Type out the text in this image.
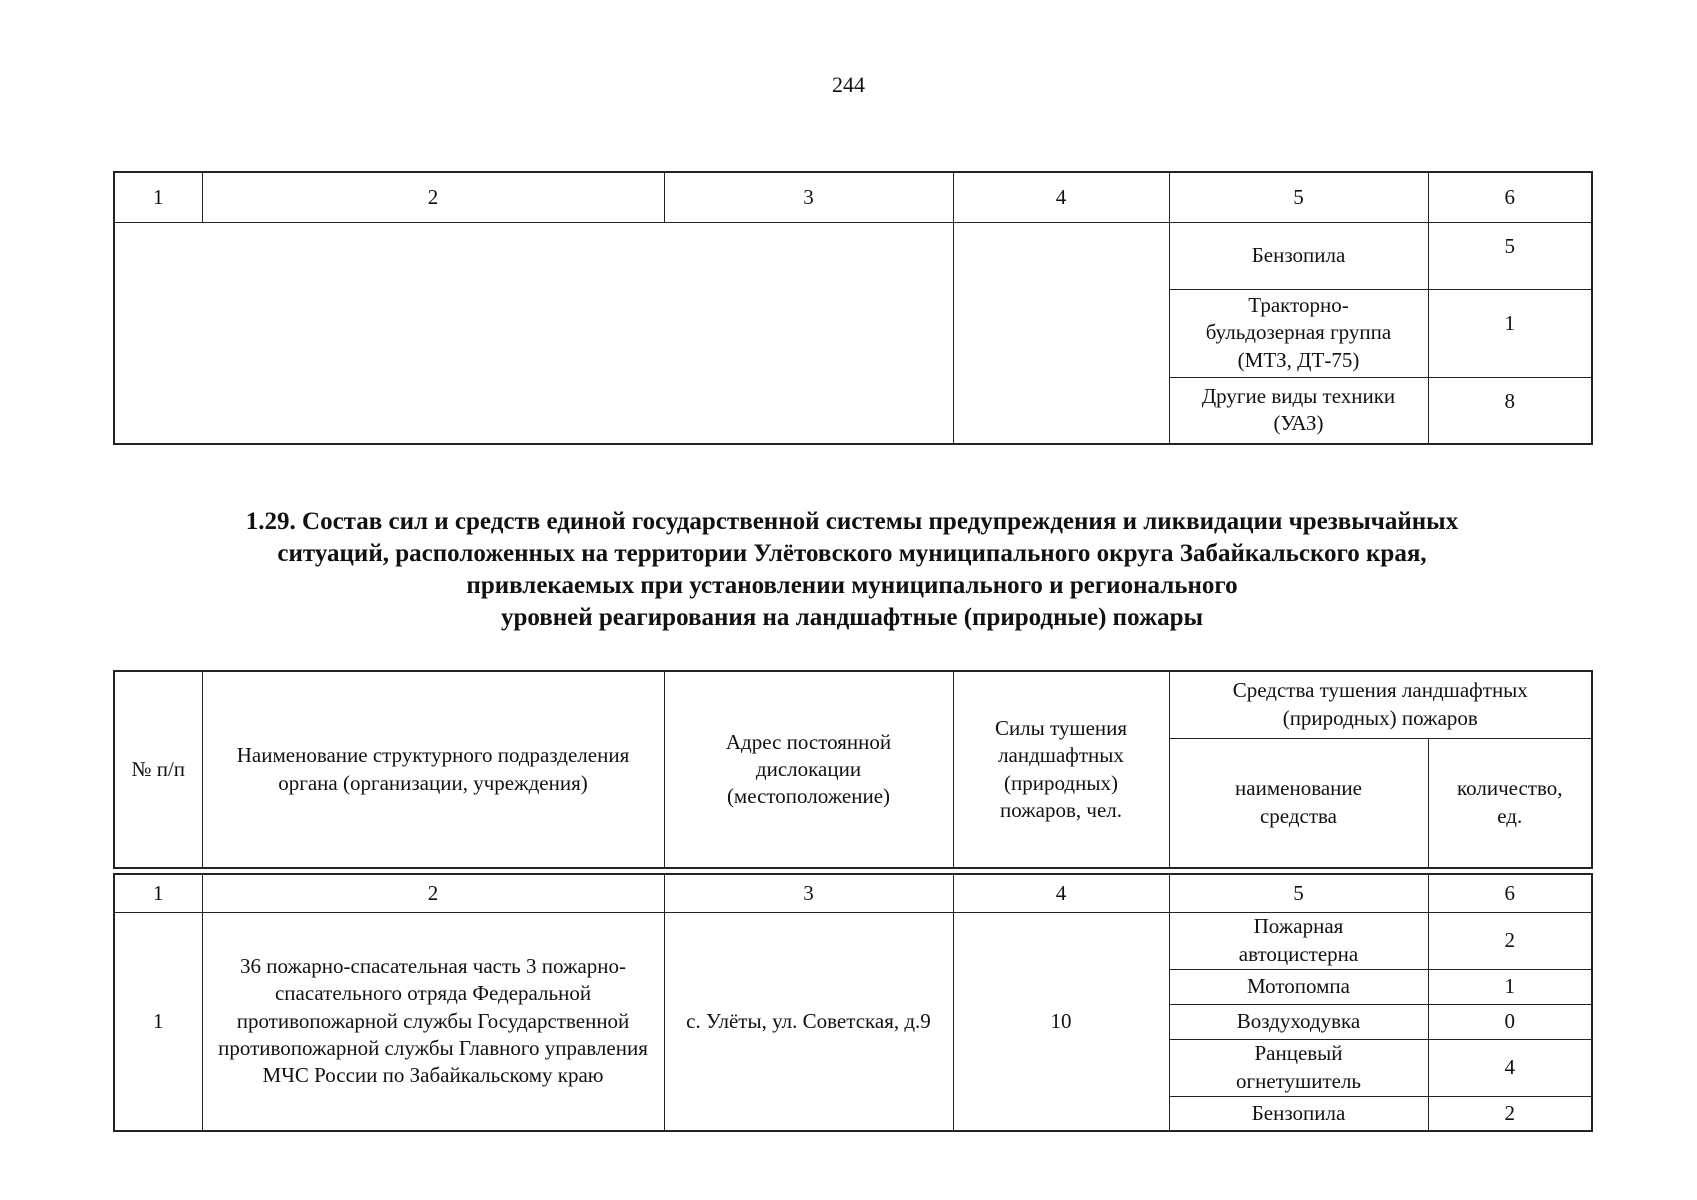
244
1	2	3	4	5	6
				Бензопила	5

				Тракторно-
бульдозерная группа
(МТЗ, ДТ-75)	1

				Другие виды техники
(УАЗ)	8
1.29. Состав сил и средств единой государственной системы предупреждения и ликвидации чрезвычайных
ситуаций, расположенных на территории Улётовского муниципального округа Забайкальского края,
привлекаемых при установлении муниципального и регионального
уровней реагирования на ландшафтные (природные) пожары
№ п/п	Наименование структурного подразделения органа (организации, учреждения)	Адрес постоянной дислокации (местоположение)	Силы тушения ландшафтных (природных) пожаров, чел.	Средства тушения ландшафтных (природных) пожаров	
				наименование средства	количество, ед.
1	2	3	4	5	6
1	36 пожарно-спасательная часть 3 пожарно-спасательного отряда Федеральной противопожарной службы Государственной противопожарной службы Главного управления МЧС России по Забайкальскому краю	с. Улёты, ул. Советская, д.9	10	Пожарная автоцистерна	2
				Мотопомпа	1
				Воздуходувка	0
				Ранцевый огнетушитель	4
				Бензопила	2
